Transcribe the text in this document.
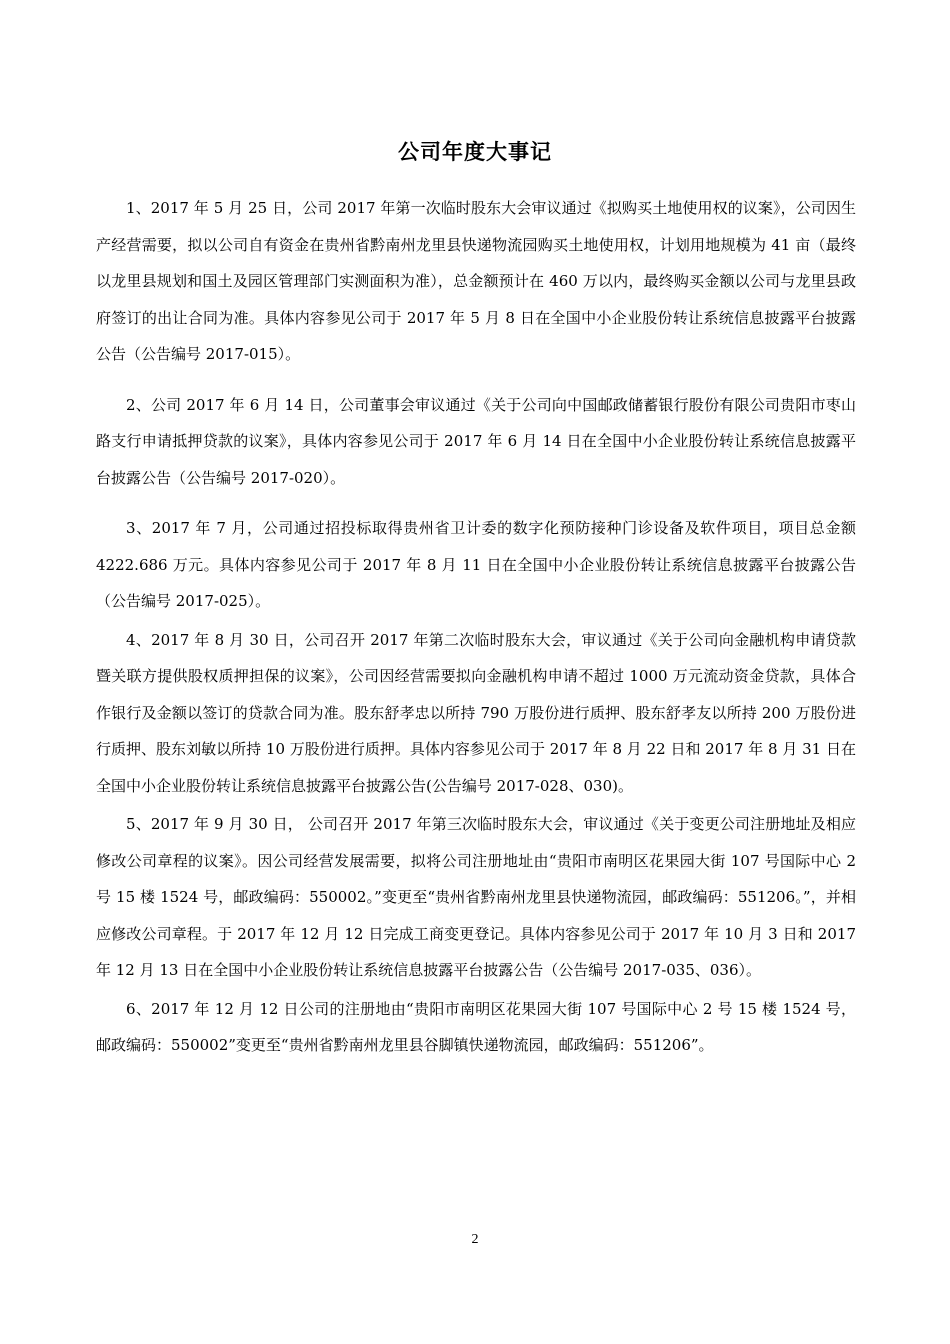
公司年度大事记

1、2017 年 5 月 25 日，公司 2017 年第一次临时股东大会审议通过《拟购买土地使用权的议案》，公司因生产经营需要，拟以公司自有资金在贵州省黔南州龙里县快递物流园购买土地使用权，计划用地规模为 41 亩（最终以龙里县规划和国土及园区管理部门实测面积为准），总金额预计在 460 万以内，最终购买金额以公司与龙里县政府签订的出让合同为准。具体内容参见公司于 2017 年 5 月 8 日在全国中小企业股份转让系统信息披露平台披露公告（公告编号 2017-015）。

2、公司 2017 年 6 月 14 日，公司董事会审议通过《关于公司向中国邮政储蓄银行股份有限公司贵阳市枣山路支行申请抵押贷款的议案》，具体内容参见公司于 2017 年 6 月 14 日在全国中小企业股份转让系统信息披露平台披露公告（公告编号 2017-020）。

3、2017 年 7 月，公司通过招投标取得贵州省卫计委的数字化预防接种门诊设备及软件项目，项目总金额 4222.686 万元。具体内容参见公司于 2017 年 8 月 11 日在全国中小企业股份转让系统信息披露平台披露公告（公告编号 2017-025）。

4、2017 年 8 月 30 日，公司召开 2017 年第二次临时股东大会，审议通过《关于公司向金融机构申请贷款暨关联方提供股权质押担保的议案》，公司因经营需要拟向金融机构申请不超过 1000 万元流动资金贷款，具体合作银行及金额以签订的贷款合同为准。股东舒孝忠以所持 790 万股份进行质押、股东舒孝友以所持 200 万股份进行质押、股东刘敏以所持 10 万股份进行质押。具体内容参见公司于 2017 年 8 月 22 日和 2017 年 8 月 31 日在全国中小企业股份转让系统信息披露平台披露公告(公告编号 2017-028、030)。

5、2017 年 9 月 30 日， 公司召开 2017 年第三次临时股东大会，审议通过《关于变更公司注册地址及相应修改公司章程的议案》。因公司经营发展需要，拟将公司注册地址由“贵阳市南明区花果园大街 107 号国际中心 2 号 15 楼 1524 号，邮政编码：550002。”变更至“贵州省黔南州龙里县快递物流园，邮政编码：551206。”，并相应修改公司章程。于 2017 年 12 月 12 日完成工商变更登记。具体内容参见公司于 2017 年 10 月 3 日和 2017 年 12 月 13 日在全国中小企业股份转让系统信息披露平台披露公告（公告编号 2017-035、036）。

6、2017 年 12 月 12 日公司的注册地由“贵阳市南明区花果园大街 107 号国际中心 2 号 15 楼 1524 号，邮政编码：550002”变更至“贵州省黔南州龙里县谷脚镇快递物流园，邮政编码：551206”。

2
